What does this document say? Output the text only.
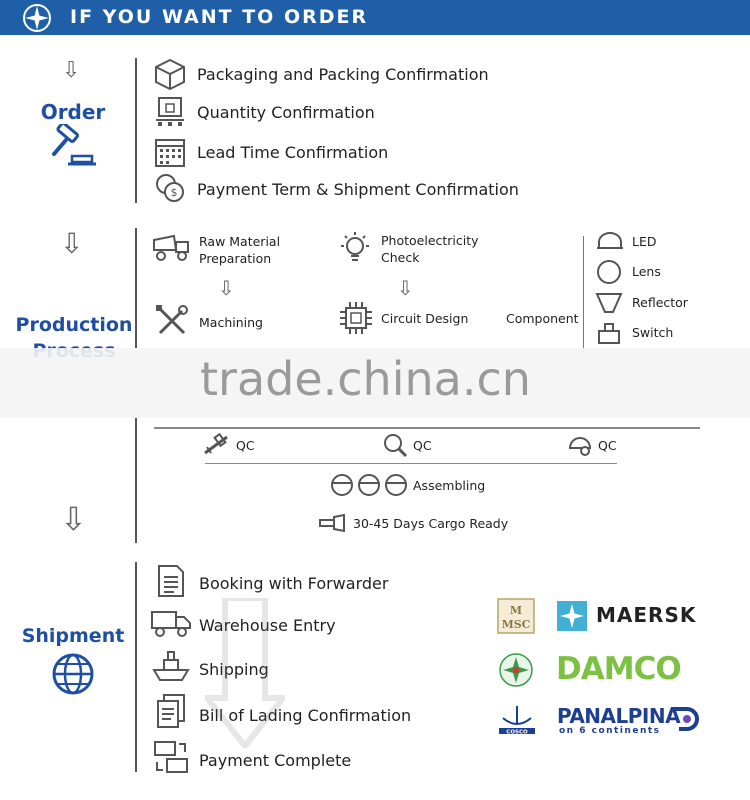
IF YOU WANT TO ORDER
⇩
⇩
⇩
Order
Production
Shipment
Packaging and Packing Confirmation
Quantity Confirmation
Lead Time Confirmation
$ Payment Term & Shipment Confirmation
Raw Material
Preparation
⇩
Machining
Photoelectricity
Check
⇩
Circuit Design	Component
LED
Lens
Reflector
Switch
trade.china.cn
QC	QC	QC
Assembling
30-45 Days Cargo Ready
Booking with Forwarder
Warehouse Entry
Shipping
Bill of Lading Confirmation
Payment Complete
M
MSC	MAERSK
DAMCO
COSCO
PANALPINA
on 6 continents
